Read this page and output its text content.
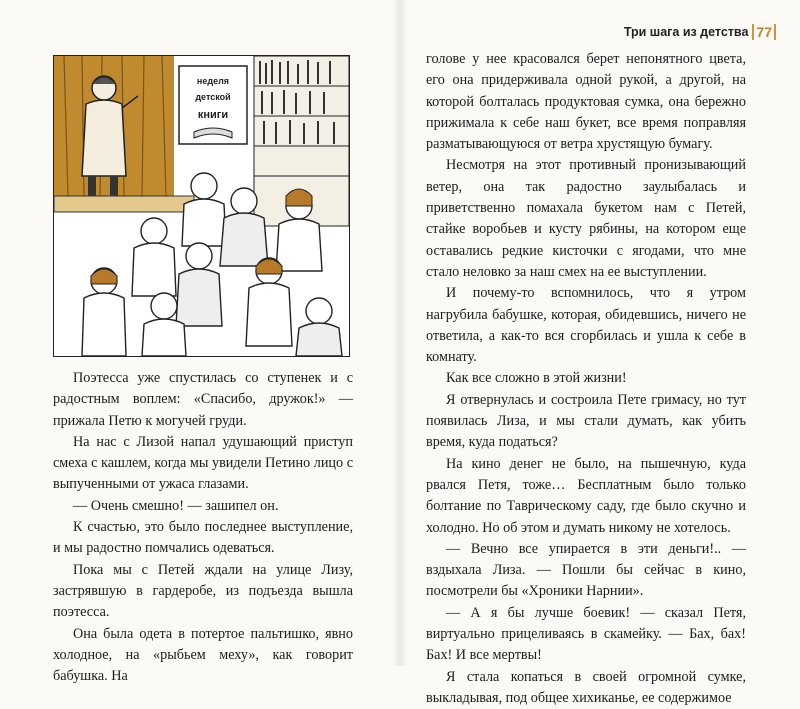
неделя
детской
книги

Поэтесса уже спустилась со ступенек и с радостным воплем: «Спасибо, дружок!» — прижала Петю к могучей груди.

На нас с Лизой напал удушающий приступ смеха с кашлем, когда мы увидели Петино лицо с выпученными от ужаса глазами.

— Очень смешно! — зашипел он.

К счастью, это было последнее выступление, и мы радостно помчались одеваться.

Пока мы с Петей ждали на улице Лизу, застрявшую в гардеробе, из подъезда вышла поэтесса.

Она была одета в потертое пальтишко, явно холодное, на «рыбьем меху», как говорит бабушка. На

Три шага из детства 77

голове у нее красовался берет непонятного цвета, его она придерживала одной рукой, а другой, на которой болталась продуктовая сумка, она бережно прижимала к себе наш букет, все время поправляя разматывающуюся от ветра хрустящую бумагу.

Несмотря на этот противный пронизывающий ветер, она так радостно заулыбалась и приветственно помахала букетом нам с Петей, стайке воробьев и кусту рябины, на котором еще оставались редкие кисточки с ягодами, что мне стало неловко за наш смех на ее выступлении.

И почему-то вспомнилось, что я утром нагрубила бабушке, которая, обидевшись, ничего не ответила, а как-то вся сгорбилась и ушла к себе в комнату.

Как все сложно в этой жизни!

Я отвернулась и состроила Пете гримасу, но тут появилась Лиза, и мы стали думать, как убить время, куда податься?

На кино денег не было, на пышечную, куда рвался Петя, тоже… Бесплатным было только болтание по Таврическому саду, где было скучно и холодно. Но об этом и думать никому не хотелось.

— Вечно все упирается в эти деньги!.. — вздыхала Лиза. — Пошли бы сейчас в кино, посмотрели бы «Хроники Нарнии».

— А я бы лучше боевик! — сказал Петя, виртуально прицеливаясь в скамейку. — Бах, бах! Бах! И все мертвы!

Я стала копаться в своей огромной сумке, выкладывая, под общее хихиканье, ее содержимое
